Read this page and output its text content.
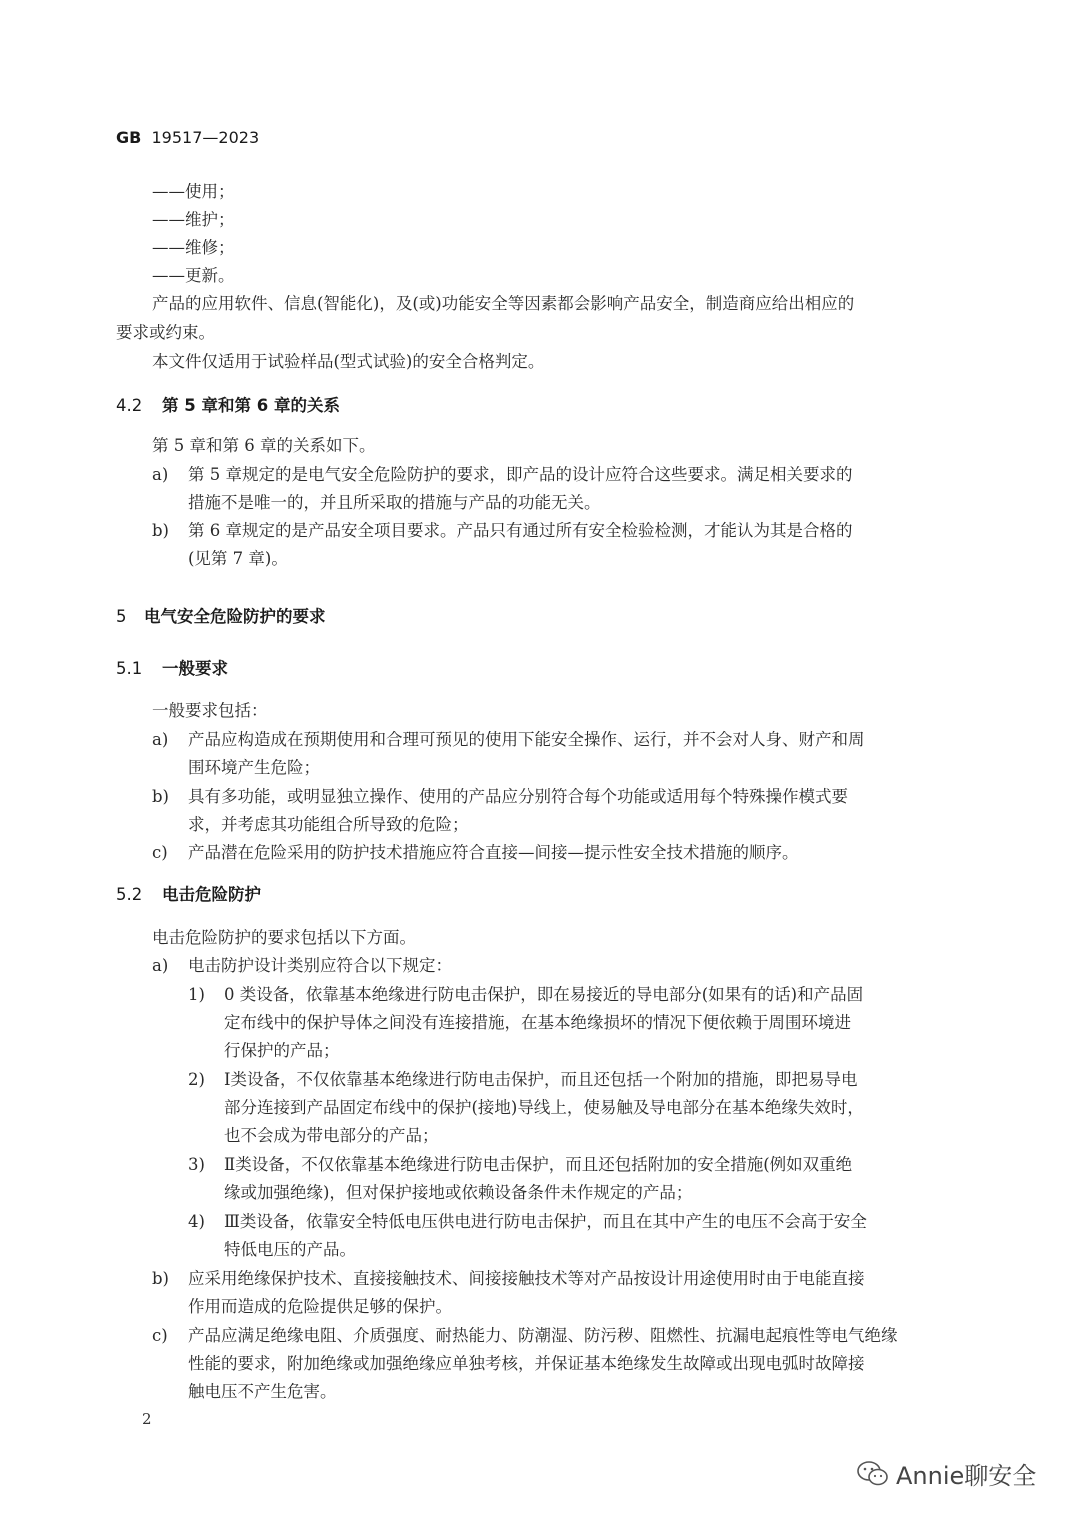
GB 19517—2023
——使用；
——维护；
——维修；
——更新。
产品的应用软件、信息(智能化)，及(或)功能安全等因素都会影响产品安全，制造商应给出相应的
要求或约束。
本文件仅适用于试验样品(型式试验)的安全合格判定。
4.2 第 5 章和第 6 章的关系
第 5 章和第 6 章的关系如下。
a) 第 5 章规定的是电气安全危险防护的要求，即产品的设计应符合这些要求。满足相关要求的
措施不是唯一的，并且所采取的措施与产品的功能无关。
b) 第 6 章规定的是产品安全项目要求。产品只有通过所有安全检验检测，才能认为其是合格的
(见第 7 章)。
5 电气安全危险防护的要求
5.1 一般要求
一般要求包括：
a) 产品应构造成在预期使用和合理可预见的使用下能安全操作、运行，并不会对人身、财产和周
围环境产生危险；
b) 具有多功能，或明显独立操作、使用的产品应分别符合每个功能或适用每个特殊操作模式要
求，并考虑其功能组合所导致的危险；
c) 产品潜在危险采用的防护技术措施应符合直接—间接—提示性安全技术措施的顺序。
5.2 电击危险防护
电击危险防护的要求包括以下方面。
a) 电击防护设计类别应符合以下规定：
1) 0 类设备，依靠基本绝缘进行防电击保护，即在易接近的导电部分(如果有的话)和产品固
定布线中的保护导体之间没有连接措施，在基本绝缘损坏的情况下便依赖于周围环境进
行保护的产品；
2) Ⅰ类设备，不仅依靠基本绝缘进行防电击保护，而且还包括一个附加的措施，即把易导电
部分连接到产品固定布线中的保护(接地)导线上，使易触及导电部分在基本绝缘失效时，
也不会成为带电部分的产品；
3) Ⅱ类设备，不仅依靠基本绝缘进行防电击保护，而且还包括附加的安全措施(例如双重绝
缘或加强绝缘)，但对保护接地或依赖设备条件未作规定的产品；
4) Ⅲ类设备，依靠安全特低电压供电进行防电击保护，而且在其中产生的电压不会高于安全
特低电压的产品。
b) 应采用绝缘保护技术、直接接触技术、间接接触技术等对产品按设计用途使用时由于电能直接
作用而造成的危险提供足够的保护。
c) 产品应满足绝缘电阻、介质强度、耐热能力、防潮湿、防污秽、阻燃性、抗漏电起痕性等电气绝缘
性能的要求，附加绝缘或加强绝缘应单独考核，并保证基本绝缘发生故障或出现电弧时故障接
触电压不产生危害。
2
Annie聊安全
